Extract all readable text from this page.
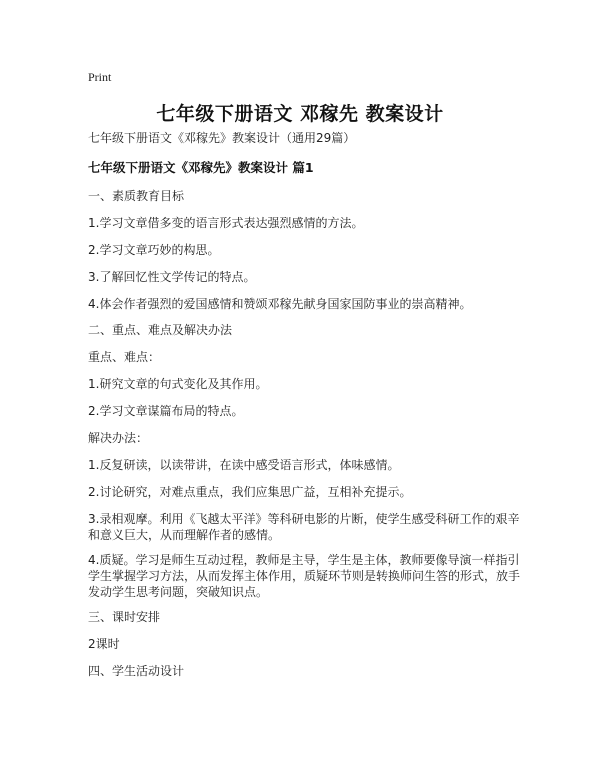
Print
七年级下册语文 邓稼先 教案设计
七年级下册语文《邓稼先》教案设计（通用29篇）
七年级下册语文《邓稼先》教案设计 篇1
一、素质教育目标
1.学习文章借多变的语言形式表达强烈感情的方法。
2.学习文章巧妙的构思。
3.了解回忆性文学传记的特点。
4.体会作者强烈的爱国感情和赞颂邓稼先献身国家国防事业的崇高精神。
二、重点、难点及解决办法
重点、难点：
1.研究文章的句式变化及其作用。
2.学习文章谋篇布局的特点。
解决办法：
1.反复研读，以读带讲，在读中感受语言形式，体味感情。
2.讨论研究，对难点重点，我们应集思广益，互相补充提示。
3.录相观摩。利用《飞越太平洋》等科研电影的片断，使学生感受科研工作的艰辛和意义巨大，从而理解作者的感情。
4.质疑。学习是师生互动过程，教师是主导，学生是主体，教师要像导演一样指引学生掌握学习方法，从而发挥主体作用，质疑环节则是转换师问生答的形式，放手发动学生思考问题，突破知识点。
三、课时安排
2课时
四、学生活动设计
